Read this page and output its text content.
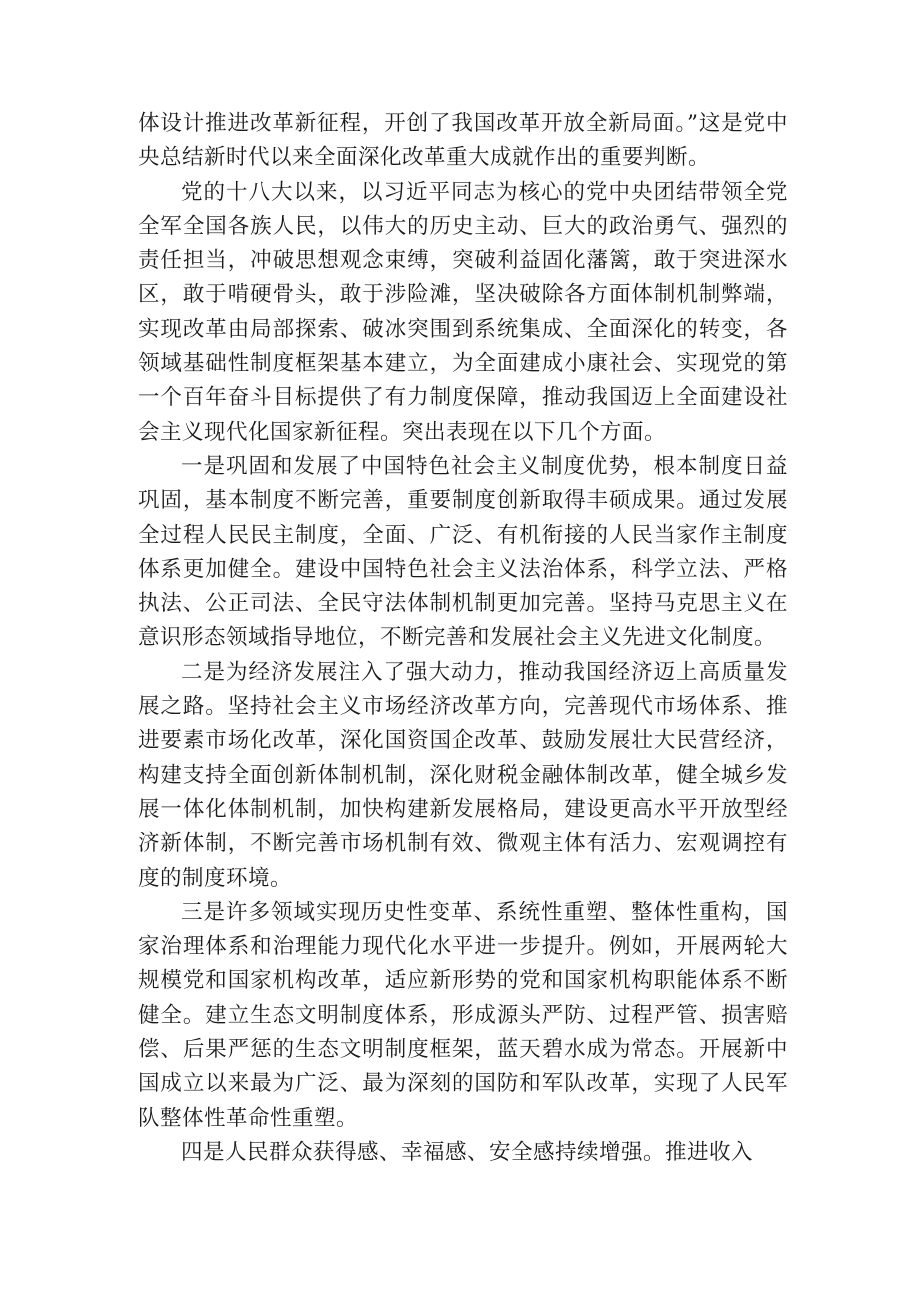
体设计推进改革新征程，开创了我国改革开放全新局面。”这是党中央总结新时代以来全面深化改革重大成就作出的重要判断。

党的十八大以来，以习近平同志为核心的党中央团结带领全党全军全国各族人民，以伟大的历史主动、巨大的政治勇气、强烈的责任担当，冲破思想观念束缚，突破利益固化藩篱，敢于突进深水区，敢于啃硬骨头，敢于涉险滩，坚决破除各方面体制机制弊端，实现改革由局部探索、破冰突围到系统集成、全面深化的转变，各领域基础性制度框架基本建立，为全面建成小康社会、实现党的第一个百年奋斗目标提供了有力制度保障，推动我国迈上全面建设社会主义现代化国家新征程。突出表现在以下几个方面。

一是巩固和发展了中国特色社会主义制度优势，根本制度日益巩固，基本制度不断完善，重要制度创新取得丰硕成果。通过发展全过程人民民主制度，全面、广泛、有机衔接的人民当家作主制度体系更加健全。建设中国特色社会主义法治体系，科学立法、严格执法、公正司法、全民守法体制机制更加完善。坚持马克思主义在意识形态领域指导地位，不断完善和发展社会主义先进文化制度。

二是为经济发展注入了强大动力，推动我国经济迈上高质量发展之路。坚持社会主义市场经济改革方向，完善现代市场体系、推进要素市场化改革，深化国资国企改革、鼓励发展壮大民营经济，构建支持全面创新体制机制，深化财税金融体制改革，健全城乡发展一体化体制机制，加快构建新发展格局，建设更高水平开放型经济新体制，不断完善市场机制有效、微观主体有活力、宏观调控有度的制度环境。

三是许多领域实现历史性变革、系统性重塑、整体性重构，国家治理体系和治理能力现代化水平进一步提升。例如，开展两轮大规模党和国家机构改革，适应新形势的党和国家机构职能体系不断健全。建立生态文明制度体系，形成源头严防、过程严管、损害赔偿、后果严惩的生态文明制度框架，蓝天碧水成为常态。开展新中国成立以来最为广泛、最为深刻的国防和军队改革，实现了人民军队整体性革命性重塑。

四是人民群众获得感、幸福感、安全感持续增强。推进收入
